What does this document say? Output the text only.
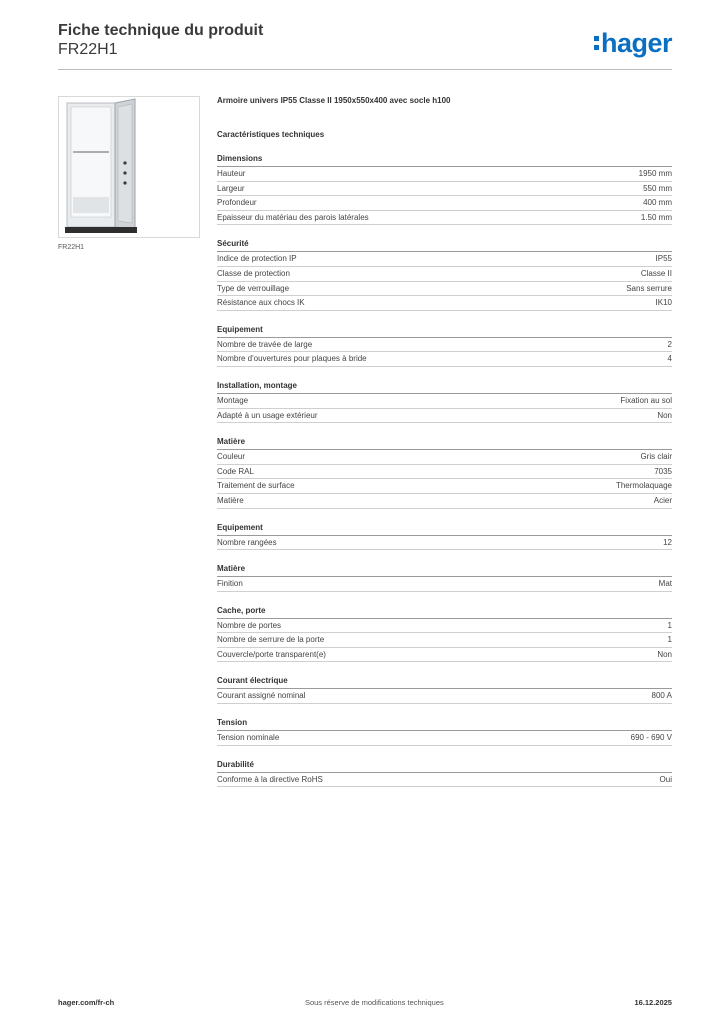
Fiche technique du produit
FR22H1	hager
FR22H1
Armoire univers IP55 Classe II 1950x550x400 avec socle h100
Caractéristiques techniques
Dimensions
Hauteur	1950 mm
Largeur	550 mm
Profondeur	400 mm
Epaisseur du matériau des parois latérales	1.50 mm
Sécurité
Indice de protection IP	IP55
Classe de protection	Classe II
Type de verrouillage	Sans serrure
Résistance aux chocs IK	IK10
Equipement
Nombre de travée de large	2
Nombre d'ouvertures pour plaques à bride	4
Installation, montage
Montage	Fixation au sol
Adapté à un usage extérieur	Non
Matière
Couleur	Gris clair
Code RAL	7035
Traitement de surface	Thermolaquage
Matière	Acier
Equipement
Nombre rangées	12
Matière
Finition	Mat
Cache, porte
Nombre de portes	1
Nombre de serrure de la porte	1
Couvercle/porte transparent(e)	Non
Courant électrique
Courant assigné nominal	800 A
Tension
Tension nominale	690 - 690 V
Durabilité
Conforme à la directive RoHS	Oui
hager.com/fr-ch	Sous réserve de modifications techniques	16.12.2025
